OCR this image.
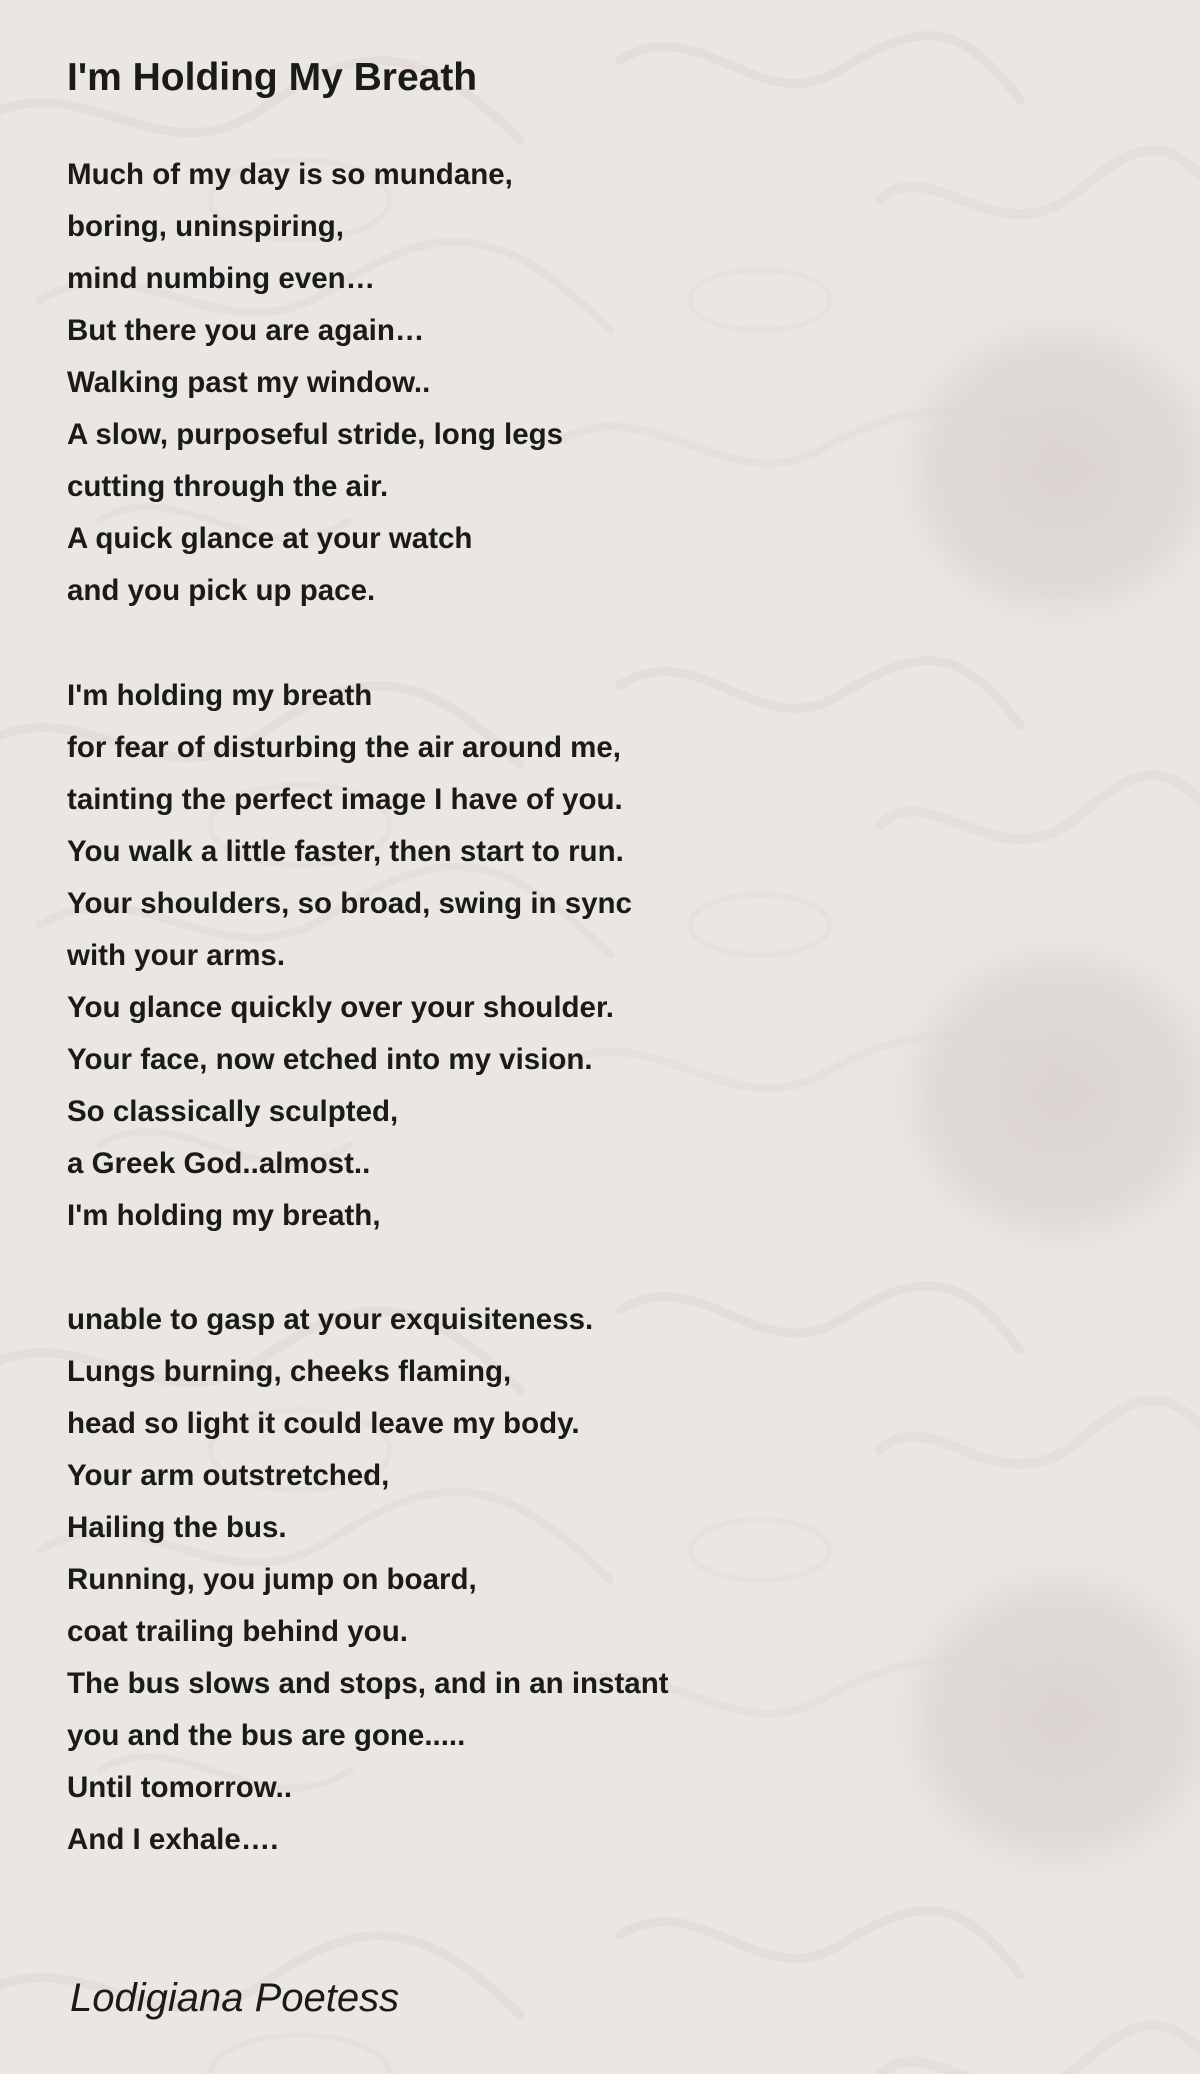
I'm Holding My Breath
Much of my day is so mundane,
boring, uninspiring,
mind numbing even…
But there you are again…
Walking past my window..
A slow, purposeful stride, long legs
cutting through the air.
A quick glance at your watch
and you pick up pace.
I'm holding my breath
for fear of disturbing the air around me,
tainting the perfect image I have of you.
You walk a little faster, then start to run.
Your shoulders, so broad, swing in sync
with your arms.
You glance quickly over your shoulder.
Your face, now etched into my vision.
So classically sculpted,
a Greek God..almost..
I'm holding my breath,
unable to gasp at your exquisiteness.
Lungs burning, cheeks flaming,
head so light it could leave my body.
Your arm outstretched,
Hailing the bus.
Running, you jump on board,
coat trailing behind you.
The bus slows and stops, and in an instant
you and the bus are gone.....
Until tomorrow..
And I exhale….

Lodigiana Poetess
